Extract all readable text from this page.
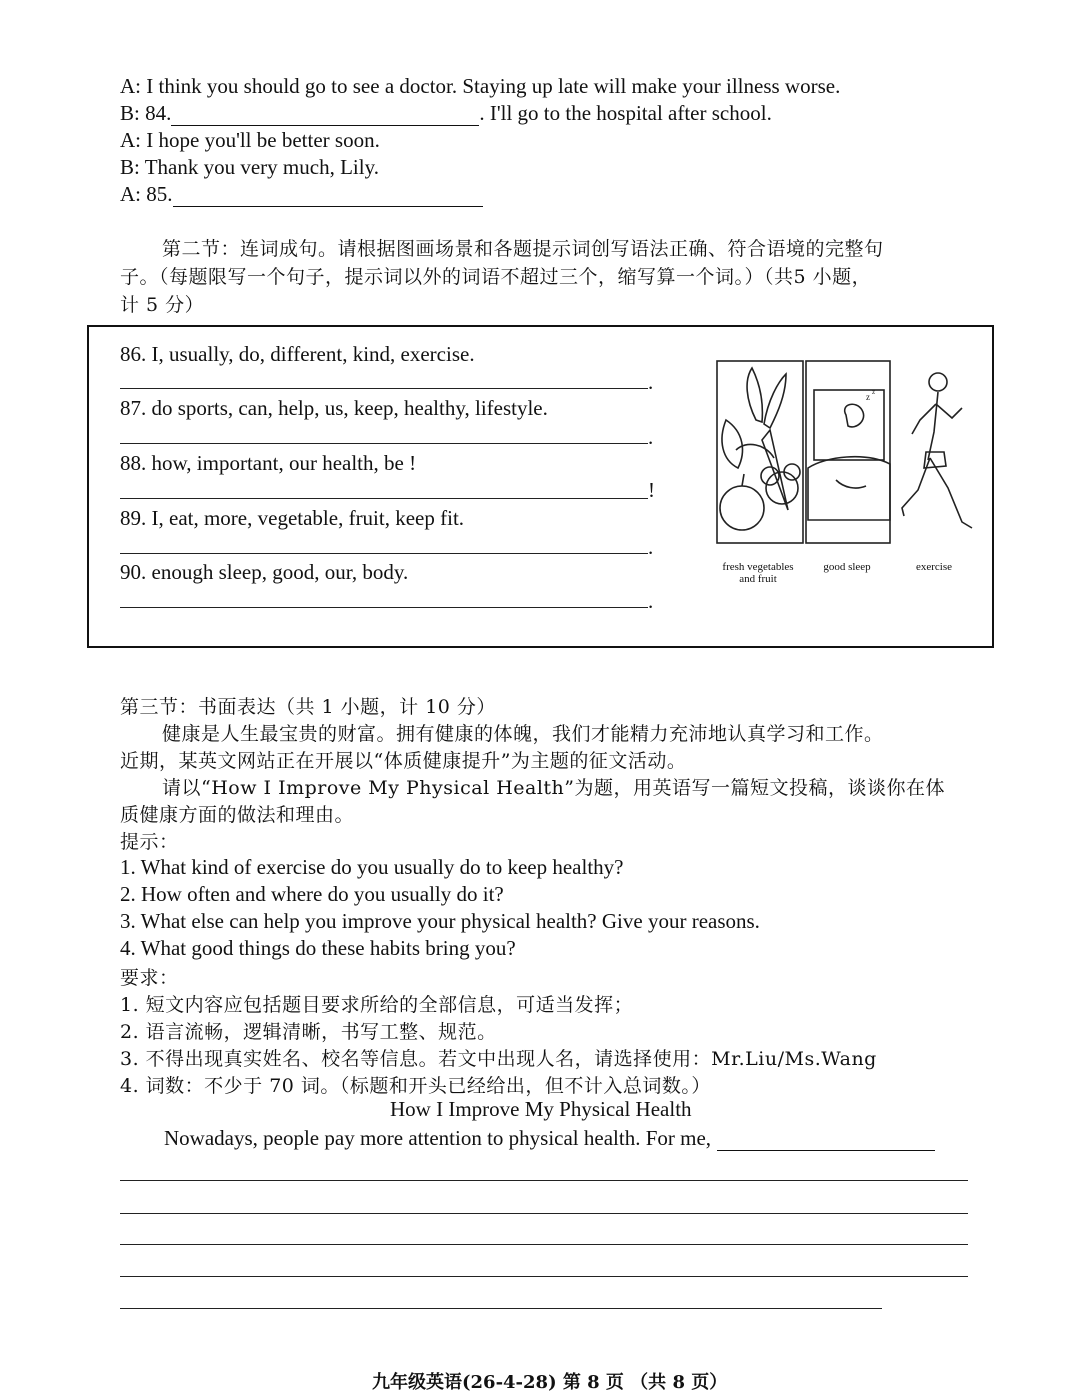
A: I think you should go to see a doctor. Staying up late will make your illness worse.
B: 84.	. I'll go to the hospital after school.
A: I hope you'll be better soon.
B: Thank you very much, Lily.
A: 85.
第二节：连词成句。请根据图画场景和各题提示词创写语法正确、符合语境的完整句
子。（每题限写一个句子，提示词以外的词语不超过三个，缩写算一个词。）（共5 小题，
计 5 分）
86. I, usually, do, different, kind, exercise.
.
87. do sports, can, help, us, keep, healthy, lifestyle.
.
88. how, important, our health, be !
!
89. I, eat, more, vegetable, fruit, keep fit.
.
90. enough sleep, good, our, body.
.
z z
fresh vegetables and fruit
good sleep	exercise
第三节：书面表达（共 1 小题，计 10 分）
健康是人生最宝贵的财富。拥有健康的体魄，我们才能精力充沛地认真学习和工作。
近期，某英文网站正在开展以“体质健康提升”为主题的征文活动。
请以“How I Improve My Physical Health”为题，用英语写一篇短文投稿，谈谈你在体
质健康方面的做法和理由。
提示：
1. What kind of exercise do you usually do to keep healthy?
2. How often and where do you usually do it?
3. What else can help you improve your physical health? Give your reasons.
4. What good things do these habits bring you?
要求：
1. 短文内容应包括题目要求所给的全部信息，可适当发挥；
2. 语言流畅，逻辑清晰，书写工整、规范。
3. 不得出现真实姓名、校名等信息。若文中出现人名，请选择使用：Mr.Liu/Ms.Wang
4. 词数：不少于 70 词。（标题和开头已经给出，但不计入总词数。）
How I Improve My Physical Health
Nowadays, people pay more attention to physical health. For me,
九年级英语(26-4-28) 第 8 页 （共 8 页）
